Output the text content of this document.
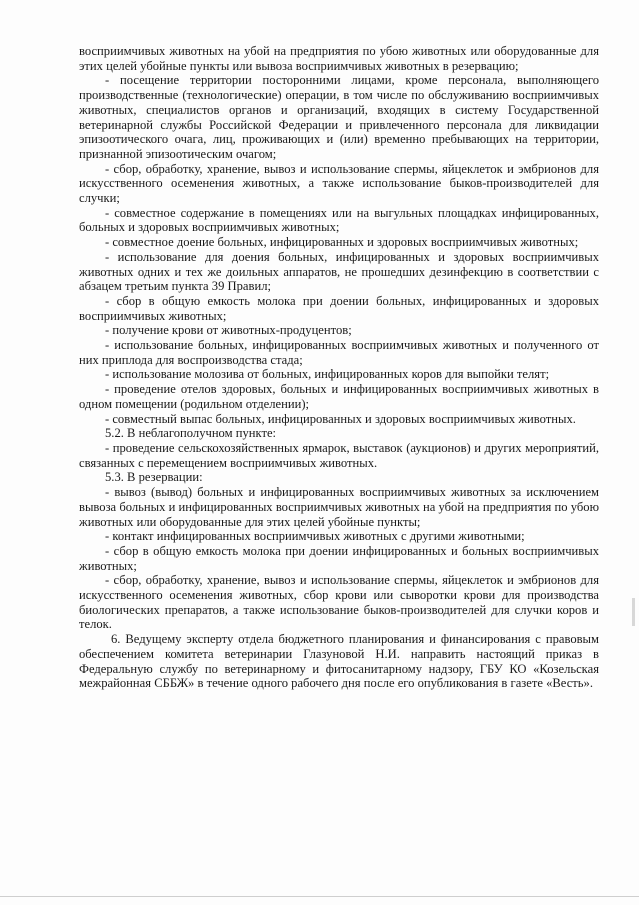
восприимчивых животных на убой на предприятия по убою животных или оборудованные для этих целей убойные пункты или вывоза восприимчивых животных в резервацию;

- посещение территории посторонними лицами, кроме персонала, выполняющего производственные (технологические) операции, в том числе по обслуживанию восприимчивых животных, специалистов органов и организаций, входящих в систему Государственной ветеринарной службы Российской Федерации и привлеченного персонала для ликвидации эпизоотического очага, лиц, проживающих и (или) временно пребывающих на территории, признанной эпизоотическим очагом;

- сбор, обработку, хранение, вывоз и использование спермы, яйцеклеток и эмбрионов для искусственного осеменения животных, а также использование быков-производителей для случки;

- совместное содержание в помещениях или на выгульных площадках инфицированных, больных и здоровых восприимчивых животных;

- совместное доение больных, инфицированных и здоровых восприимчивых животных;

- использование для доения больных, инфицированных и здоровых восприимчивых животных одних и тех же доильных аппаратов, не прошедших дезинфекцию в соответствии с абзацем третьим пункта 39 Правил;

- сбор в общую емкость молока при доении больных, инфицированных и здоровых восприимчивых животных;

- получение крови от животных-продуцентов;

- использование больных, инфицированных восприимчивых животных и полученного от них приплода для воспроизводства стада;

- использование молозива от больных, инфицированных коров для выпойки телят;

- проведение отелов здоровых, больных и инфицированных восприимчивых животных в одном помещении (родильном отделении);

- совместный выпас больных, инфицированных и здоровых восприимчивых животных.

5.2. В неблагополучном пункте:

- проведение сельскохозяйственных ярмарок, выставок (аукционов) и других мероприятий, связанных с перемещением восприимчивых животных.

5.3. В резервации:

- вывоз (вывод) больных и инфицированных восприимчивых животных за исключением вывоза больных и инфицированных восприимчивых животных на убой на предприятия по убою животных или оборудованные для этих целей убойные пункты;

- контакт инфицированных восприимчивых животных с другими животными;

- сбор в общую емкость молока при доении инфицированных и больных восприимчивых животных;

- сбор, обработку, хранение, вывоз и использование спермы, яйцеклеток и эмбрионов для искусственного осеменения животных, сбор крови или сыворотки крови для производства биологических препаратов, а также использование быков-производителей для случки коров и телок.

6. Ведущему эксперту отдела бюджетного планирования и финансирования с правовым обеспечением комитета ветеринарии Глазуновой Н.И. направить настоящий приказ в Федеральную службу по ветеринарному и фитосанитарному надзору, ГБУ КО «Козельская межрайонная СББЖ» в течение одного рабочего дня после его опубликования в газете «Весть».
